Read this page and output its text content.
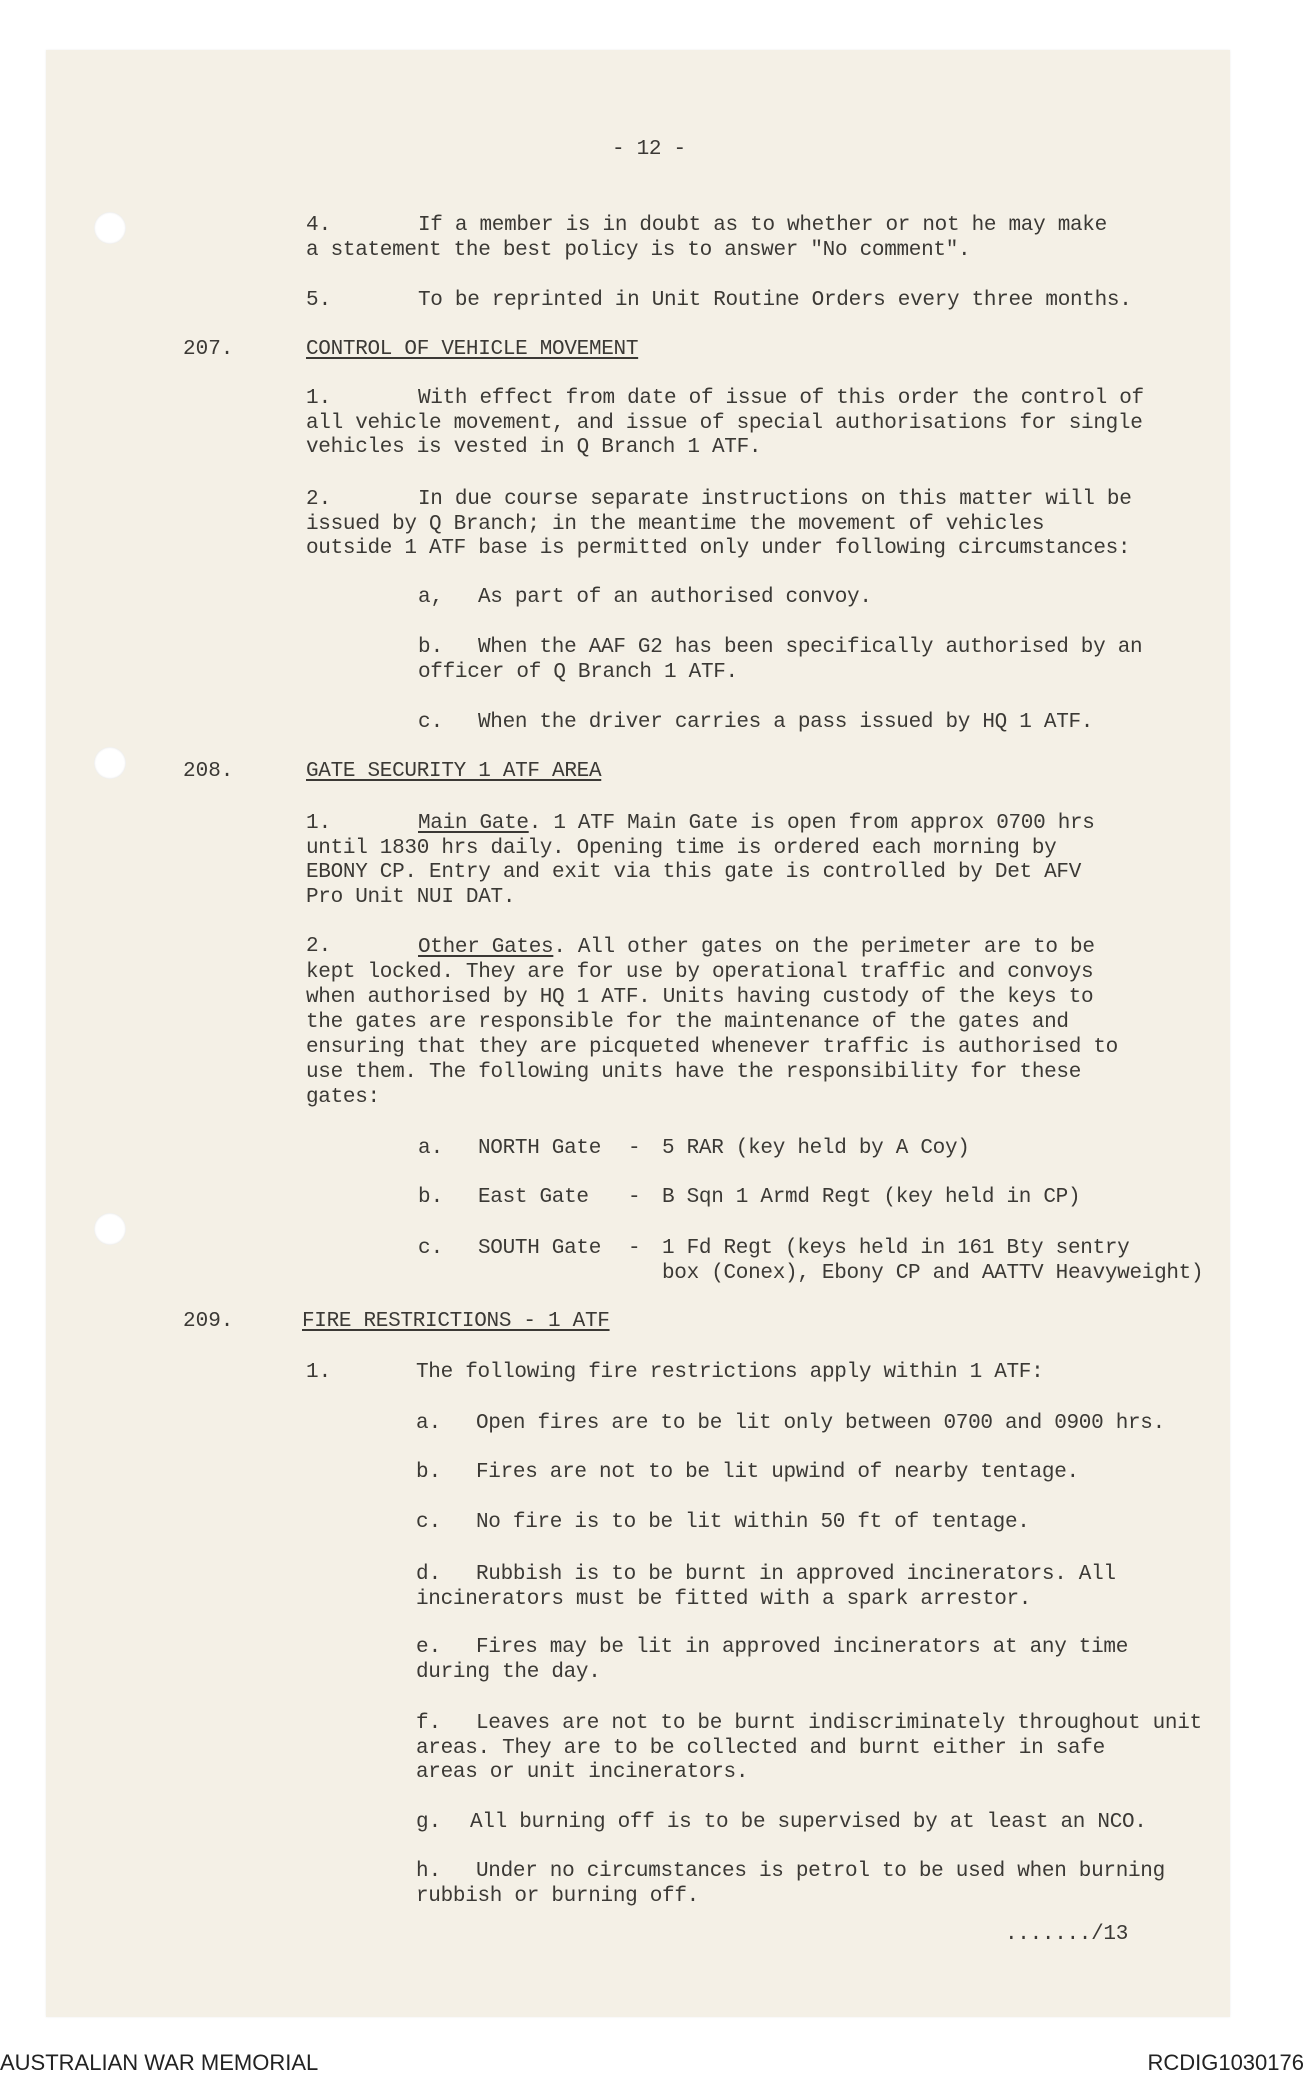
- 12 -
4.	If a member is in doubt as to whether or not he may make
a statement the best policy is to answer "No comment".
5.	To be reprinted in Unit Routine Orders every three months.
207.	CONTROL OF VEHICLE MOVEMENT
1.	With effect from date of issue of this order the control of
all vehicle movement, and issue of special authorisations for single
vehicles is vested in Q Branch 1 ATF.
2.	In due course separate instructions on this matter will be
issued by Q Branch; in the meantime the movement of vehicles
outside 1 ATF base is permitted only under following circumstances:
a, As part of an authorised convoy.
b.	When the AAF G2 has been specifically authorised by an
officer of Q Branch 1 ATF.
c. When the driver carries a pass issued by HQ 1 ATF.
208.	GATE SECURITY 1 ATF AREA
1.	Main Gate. 1 ATF Main Gate is open from approx 0700 hrs
until 1830 hrs daily. Opening time is ordered each morning by
EBONY CP. Entry and exit via this gate is controlled by Det AFV
Pro Unit NUI DAT.
2.	Other Gates. All other gates on the perimeter are to be
kept locked. They are for use by operational traffic and convoys
when authorised by HQ 1 ATF. Units having custody of the keys to
the gates are responsible for the maintenance of the gates and
ensuring that they are picqueted whenever traffic is authorised to
use them. The following units have the responsibility for these
gates:
a. NORTH Gate - 5 RAR (key held by A Coy)
b. East Gate - B Sqn 1 Armd Regt (key held in CP)
c. SOUTH Gate - 1 Fd Regt (keys held in 161 Bty sentry
box (Conex), Ebony CP and AATTV Heavyweight)
209.	FIRE RESTRICTIONS - 1 ATF
1.	The following fire restrictions apply within 1 ATF:
a. Open fires are to be lit only between 0700 and 0900 hrs.
b. Fires are not to be lit upwind of nearby tentage.
c. No fire is to be lit within 50 ft of tentage.
d.	Rubbish is to be burnt in approved incinerators. All
incinerators must be fitted with a spark arrestor.
e.	Fires may be lit in approved incinerators at any time
during the day.
f.	Leaves are not to be burnt indiscriminately throughout unit
areas. They are to be collected and burnt either in safe
areas or unit incinerators.
g. All burning off is to be supervised by at least an NCO.
h.	Under no circumstances is petrol to be used when burning
rubbish or burning off.
......./13
AUSTRALIAN WAR MEMORIAL	RCDIG1030176
